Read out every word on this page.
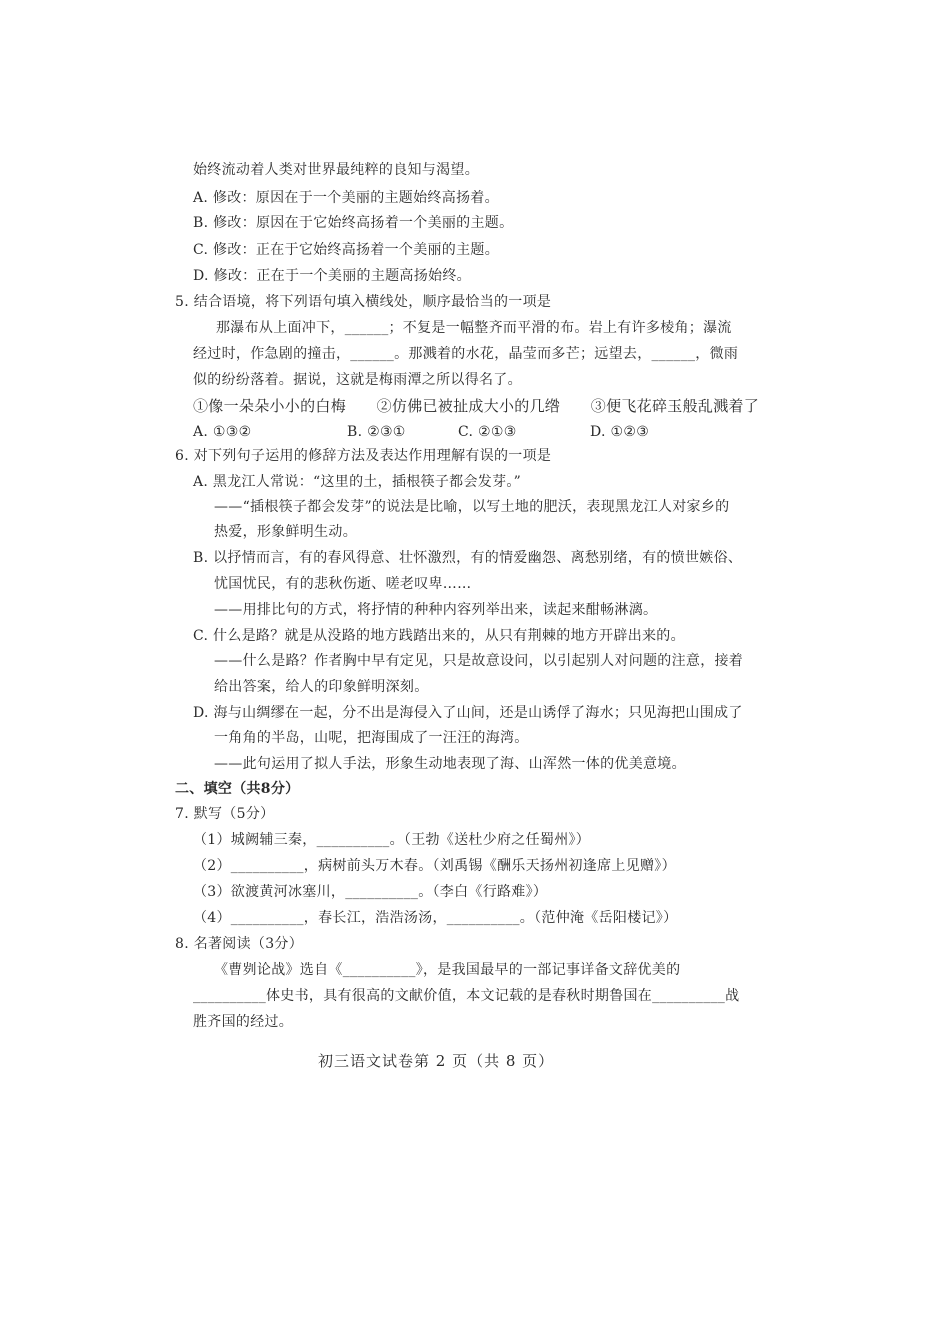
始终流动着人类对世界最纯粹的良知与渴望。
A. 修改：原因在于一个美丽的主题始终高扬着。
B. 修改：原因在于它始终高扬着一个美丽的主题。
C. 修改：正在于它始终高扬着一个美丽的主题。
D. 修改：正在于一个美丽的主题高扬始终。
5. 结合语境，将下列语句填入横线处，顺序最恰当的一项是
那瀑布从上面冲下，______；不复是一幅整齐而平滑的布。岩上有许多棱角；瀑流
经过时，作急剧的撞击，______。那溅着的水花，晶莹而多芒；远望去，______，微雨
似的纷纷落着。据说，这就是梅雨潭之所以得名了。
①像一朵朵小小的白梅　　②仿佛已被扯成大小的几绺　　③便飞花碎玉般乱溅着了
A. ①③②	B. ②③①	C. ②①③	D. ①②③
6. 对下列句子运用的修辞方法及表达作用理解有误的一项是
A. 黑龙江人常说：“这里的土，插根筷子都会发芽。”
——“插根筷子都会发芽”的说法是比喻，以写土地的肥沃，表现黑龙江人对家乡的
热爱，形象鲜明生动。
B. 以抒情而言，有的春风得意、壮怀激烈，有的情爱幽怨、离愁别绪，有的愤世嫉俗、
忧国忧民，有的悲秋伤逝、嗟老叹卑……
——用排比句的方式，将抒情的种种内容列举出来，读起来酣畅淋漓。
C. 什么是路？就是从没路的地方践踏出来的，从只有荆棘的地方开辟出来的。
——什么是路？作者胸中早有定见，只是故意设问，以引起别人对问题的注意，接着
给出答案，给人的印象鲜明深刻。
D. 海与山绸缪在一起，分不出是海侵入了山间，还是山诱俘了海水；只见海把山围成了
一角角的半岛，山呢，把海围成了一汪汪的海湾。
——此句运用了拟人手法，形象生动地表现了海、山浑然一体的优美意境。
二、填空（共8分）
7. 默写（5分）
（1）城阙辅三秦，__________。（王勃《送杜少府之任蜀州》）
（2）__________，病树前头万木春。（刘禹锡《酬乐天扬州初逢席上见赠》）
（3）欲渡黄河冰塞川，__________。（李白《行路难》）
（4）__________，春长江，浩浩汤汤，__________。（范仲淹《岳阳楼记》）
8. 名著阅读（3分）
《曹刿论战》选自《__________》，是我国最早的一部记事详备文辞优美的
__________体史书，具有很高的文献价值，本文记载的是春秋时期鲁国在__________战
胜齐国的经过。
初三语文试卷第 2 页（共 8 页）
